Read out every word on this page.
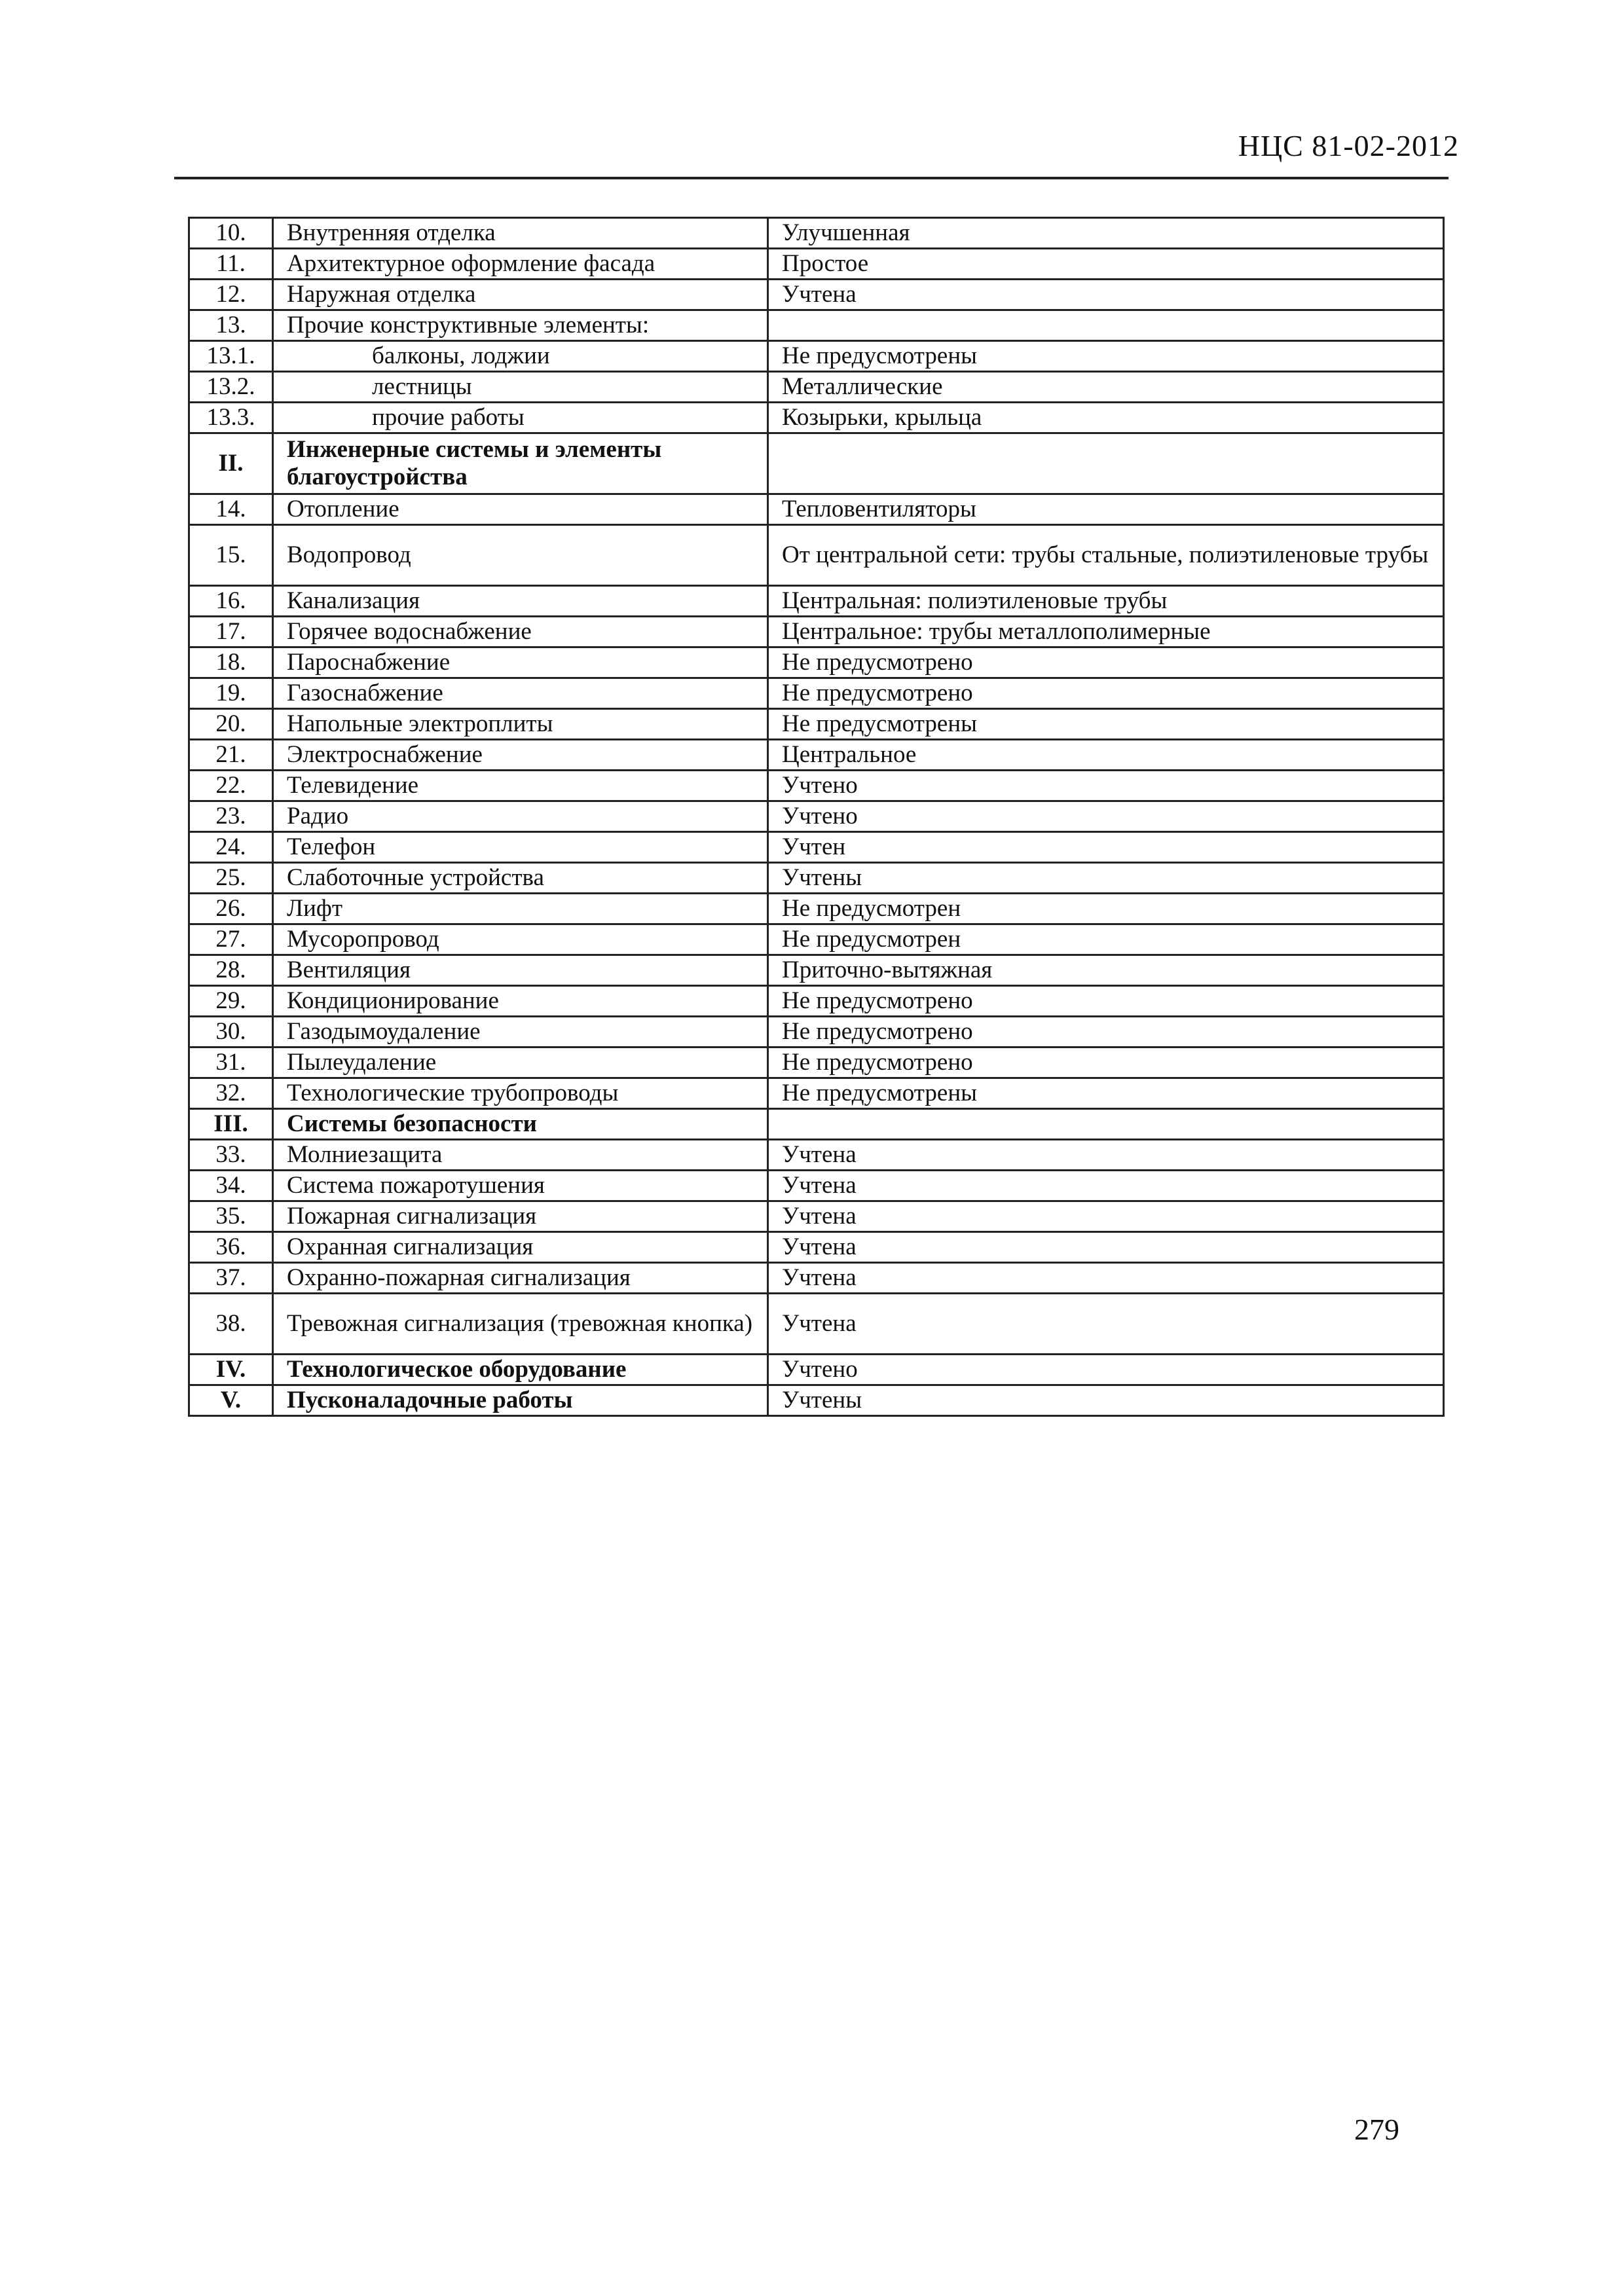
НЦС 81-02-2012
10.	Внутренняя отделка	Улучшенная
11.	Архитектурное оформление фасада	Простое
12.	Наружная отделка	Учтена
13.	Прочие конструктивные элементы:	
13.1.	балконы, лоджии	Не предусмотрены
13.2.	лестницы	Металлические
13.3.	прочие работы	Козырьки, крыльца
II.	Инженерные системы и элементы благоустройства	
14.	Отопление	Тепловентиляторы
15.	Водопровод	От центральной сети: трубы стальные, полиэтиленовые трубы
16.	Канализация	Центральная: полиэтиленовые трубы
17.	Горячее водоснабжение	Центральное: трубы металлополимерные
18.	Пароснабжение	Не предусмотрено
19.	Газоснабжение	Не предусмотрено
20.	Напольные электроплиты	Не предусмотрены
21.	Электроснабжение	Центральное
22.	Телевидение	Учтено
23.	Радио	Учтено
24.	Телефон	Учтен
25.	Слаботочные устройства	Учтены
26.	Лифт	Не предусмотрен
27.	Мусоропровод	Не предусмотрен
28.	Вентиляция	Приточно-вытяжная
29.	Кондиционирование	Не предусмотрено
30.	Газодымоудаление	Не предусмотрено
31.	Пылеудаление	Не предусмотрено
32.	Технологические трубопроводы	Не предусмотрены
III.	Системы безопасности	
33.	Молниезащита	Учтена
34.	Система пожаротушения	Учтена
35.	Пожарная сигнализация	Учтена
36.	Охранная сигнализация	Учтена
37.	Охранно-пожарная сигнализация	Учтена
38.	Тревожная сигнализация (тревожная кнопка)	Учтена
IV.	Технологическое оборудование	Учтено
V.	Пусконаладочные работы	Учтены
279
